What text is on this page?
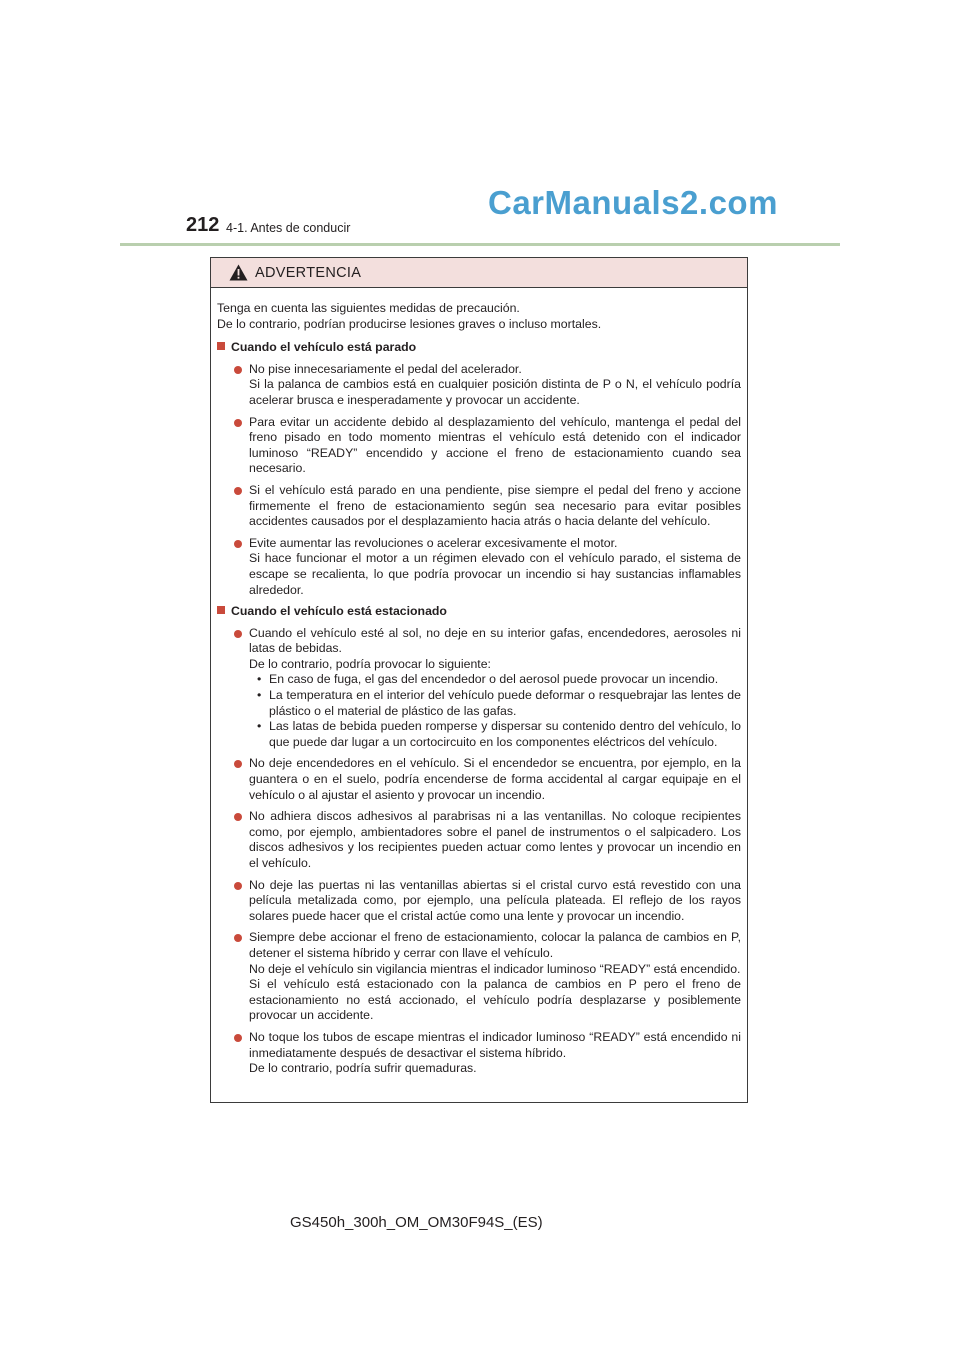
212 4-1. Antes de conducir
CarManuals2.com
ADVERTENCIA
Tenga en cuenta las siguientes medidas de precaución.
De lo contrario, podrían producirse lesiones graves o incluso mortales.
Cuando el vehículo está parado
No pise innecesariamente el pedal del acelerador.
Si la palanca de cambios está en cualquier posición distinta de P o N, el vehículo podría acelerar brusca e inesperadamente y provocar un accidente.
Para evitar un accidente debido al desplazamiento del vehículo, mantenga el pedal del freno pisado en todo momento mientras el vehículo está detenido con el indicador luminoso “READY” encendido y accione el freno de estacionamiento cuando sea necesario.
Si el vehículo está parado en una pendiente, pise siempre el pedal del freno y accione firmemente el freno de estacionamiento según sea necesario para evitar posibles accidentes causados por el desplazamiento hacia atrás o hacia delante del vehículo.
Evite aumentar las revoluciones o acelerar excesivamente el motor.
Si hace funcionar el motor a un régimen elevado con el vehículo parado, el sistema de escape se recalienta, lo que podría provocar un incendio si hay sustancias inflamables alrededor.
Cuando el vehículo está estacionado
Cuando el vehículo esté al sol, no deje en su interior gafas, encendedores, aerosoles ni latas de bebidas.
De lo contrario, podría provocar lo siguiente:
• En caso de fuga, el gas del encendedor o del aerosol puede provocar un incendio.
• La temperatura en el interior del vehículo puede deformar o resquebrajar las lentes de plástico o el material de plástico de las gafas.
• Las latas de bebida pueden romperse y dispersar su contenido dentro del vehículo, lo que puede dar lugar a un cortocircuito en los componentes eléctricos del vehículo.
No deje encendedores en el vehículo. Si el encendedor se encuentra, por ejemplo, en la guantera o en el suelo, podría encenderse de forma accidental al cargar equipaje en el vehículo o al ajustar el asiento y provocar un incendio.
No adhiera discos adhesivos al parabrisas ni a las ventanillas. No coloque recipientes como, por ejemplo, ambientadores sobre el panel de instrumentos o el salpicadero. Los discos adhesivos y los recipientes pueden actuar como lentes y provocar un incendio en el vehículo.
No deje las puertas ni las ventanillas abiertas si el cristal curvo está revestido con una película metalizada como, por ejemplo, una película plateada. El reflejo de los rayos solares puede hacer que el cristal actúe como una lente y provocar un incendio.
Siempre debe accionar el freno de estacionamiento, colocar la palanca de cambios en P, detener el sistema híbrido y cerrar con llave el vehículo.
No deje el vehículo sin vigilancia mientras el indicador luminoso “READY” está encendido.
Si el vehículo está estacionado con la palanca de cambios en P pero el freno de estacionamiento no está accionado, el vehículo podría desplazarse y posiblemente provocar un accidente.
No toque los tubos de escape mientras el indicador luminoso “READY” está encendido ni inmediatamente después de desactivar el sistema híbrido.
De lo contrario, podría sufrir quemaduras.
GS450h_300h_OM_OM30F94S_(ES)
